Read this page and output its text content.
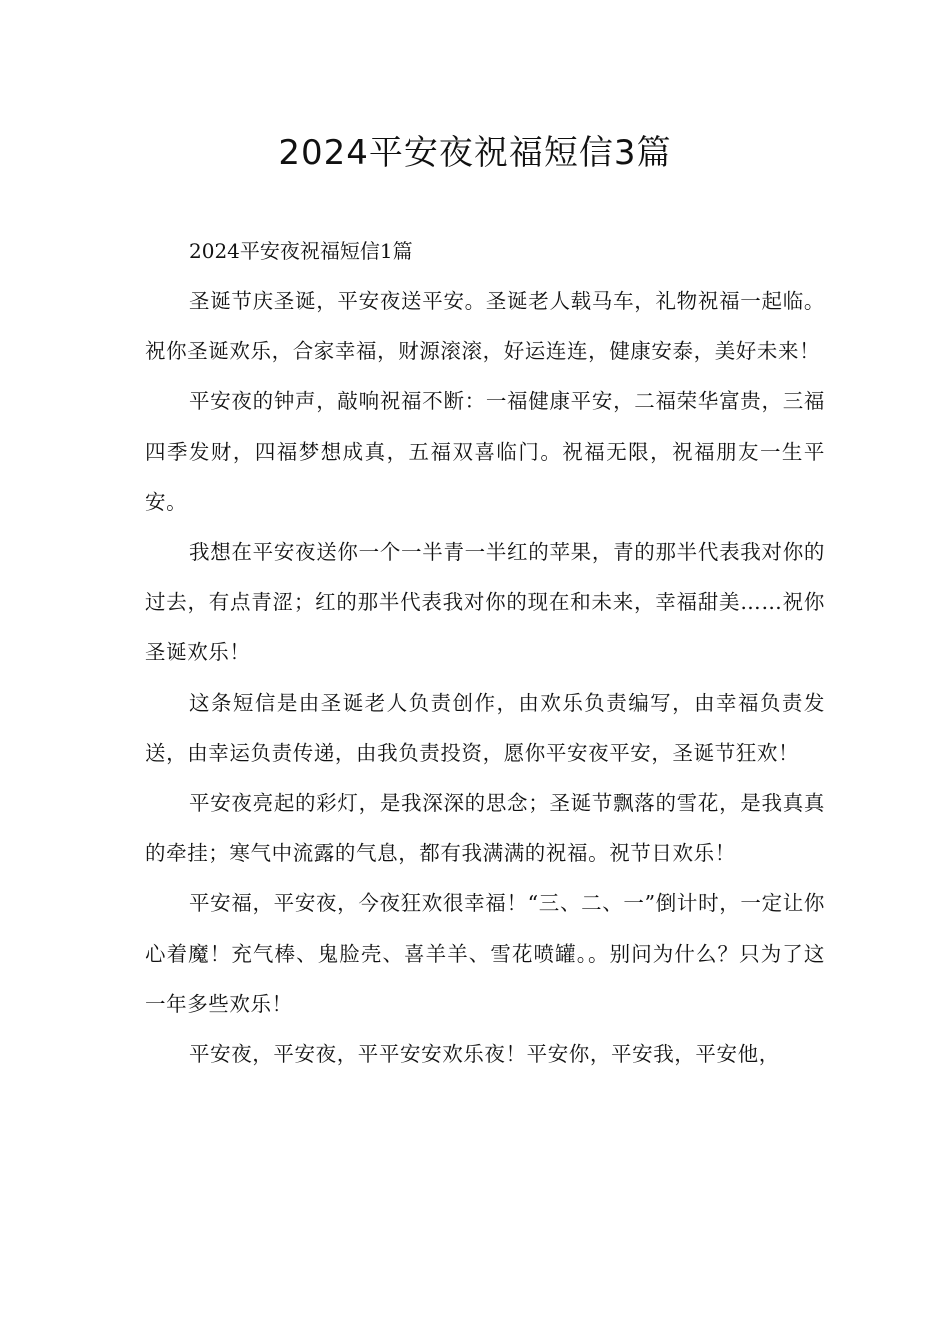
2024平安夜祝福短信3篇

2024平安夜祝福短信1篇

圣诞节庆圣诞，平安夜送平安。圣诞老人载马车，礼物祝福一起临。祝你圣诞欢乐，合家幸福，财源滚滚，好运连连，健康安泰，美好未来！

平安夜的钟声，敲响祝福不断：一福健康平安，二福荣华富贵，三福四季发财，四福梦想成真，五福双喜临门。祝福无限，祝福朋友一生平安。

我想在平安夜送你一个一半青一半红的苹果，青的那半代表我对你的过去，有点青涩；红的那半代表我对你的现在和未来，幸福甜美……祝你圣诞欢乐！

这条短信是由圣诞老人负责创作，由欢乐负责编写，由幸福负责发送，由幸运负责传递，由我负责投资，愿你平安夜平安，圣诞节狂欢！

平安夜亮起的彩灯，是我深深的思念；圣诞节飘落的雪花，是我真真的牵挂；寒气中流露的气息，都有我满满的祝福。祝节日欢乐！

平安福，平安夜，今夜狂欢很幸福！“三、二、一”倒计时，一定让你心着魔！充气棒、鬼脸壳、喜羊羊、雪花喷罐。。别问为什么？只为了这一年多些欢乐！

平安夜，平安夜，平平安安欢乐夜！平安你，平安我，平安他，
